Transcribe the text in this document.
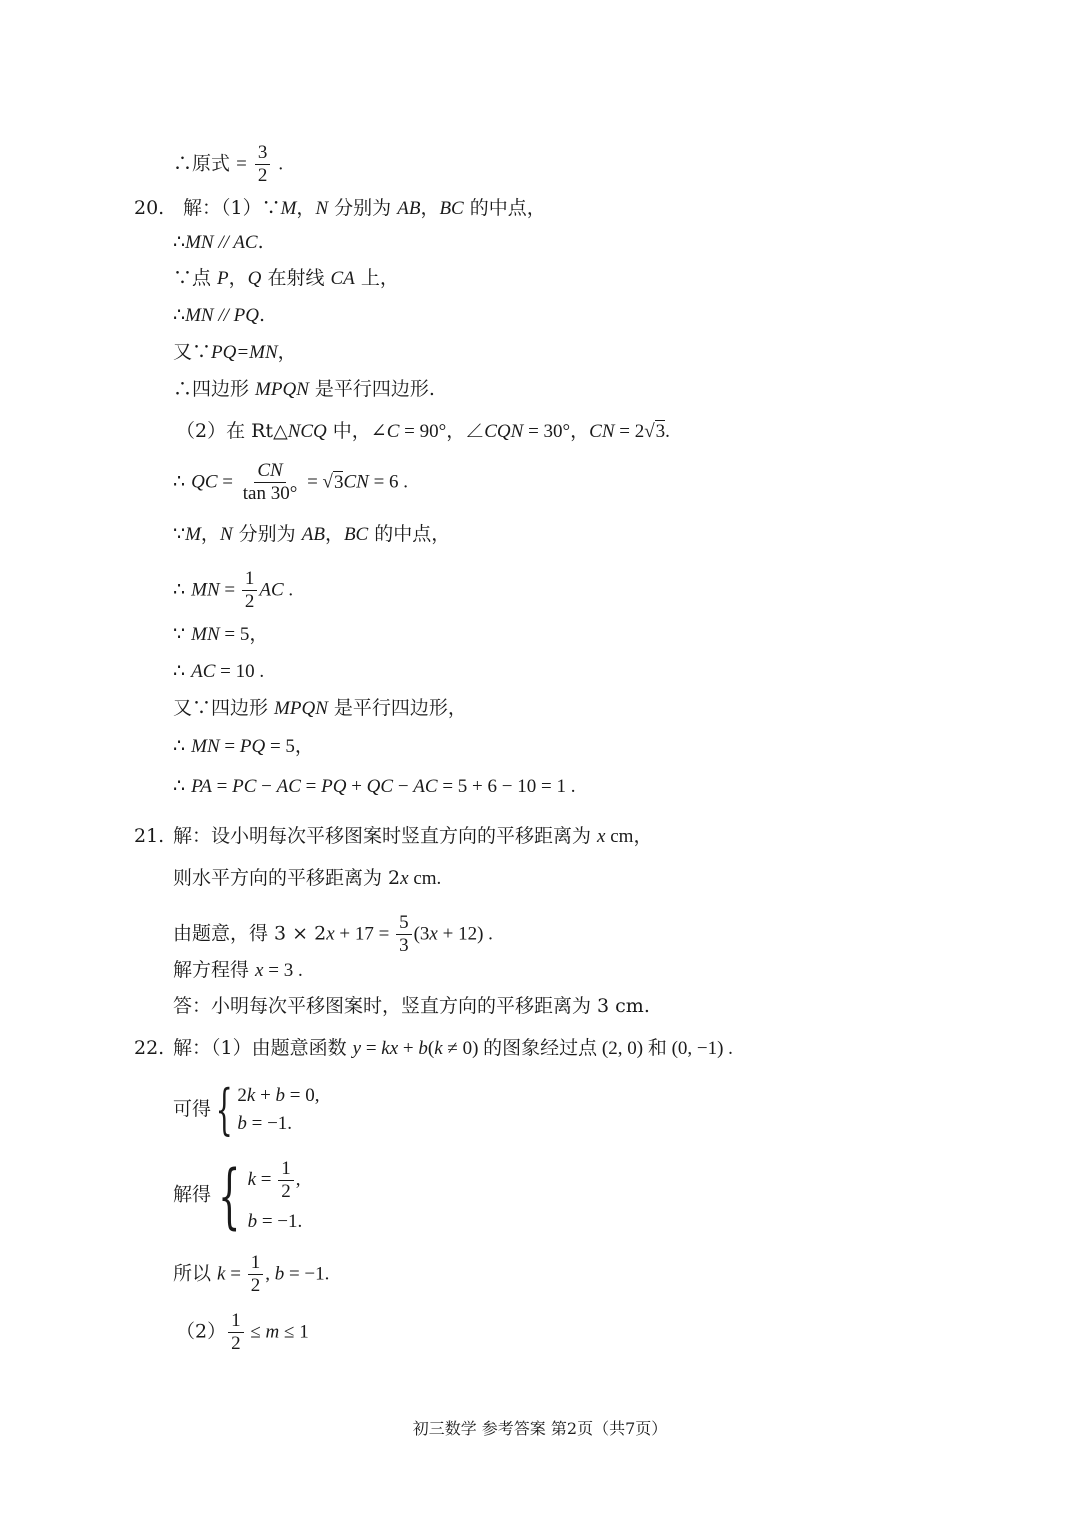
∴原式 = $\frac{3}{2}$ .
20. 解：（1）∵M，N 分别为 AB，BC 的中点，
∴MN // AC.
∵点 P，Q 在射线 CA 上，
∴MN // PQ.
又∵PQ=MN，
∴四边形 MPQN 是平行四边形.
（2）在 Rt△NCQ 中，∠C = 90°，∠CQN = 30°，CN = 2√3.
∴ QC = $\frac{CN}{\tan 30^\circ} = √3CN = 6$ .
∵M，N 分别为 AB，BC 的中点，
∴ MN = $\frac{1}{2}$ AC .
∵ MN = 5，
∴ AC = 10 .
又∵四边形 MPQN 是平行四边形，
∴ MN = PQ = 5，
∴ PA = PC − AC = PQ + QC − AC = 5 + 6 − 10 = 1 .
21. 解：设小明每次平移图案时竖直方向的平移距离为 x cm，
则水平方向的平移距离为 2x cm.
由题意，得 $3 \times 2x + 17 = \frac{5}{3} (3x + 12)$ .
解方程得 x = 3 .
答：小明每次平移图案时，竖直方向的平移距离为 3 cm.
22. 解：（1）由题意函数 y = kx + b(k ≠ 0) 的图象经过点 (2, 0) 和 (0, −1) .
可得{ 2k + b = 0,
b = −1.
解得 { $k = \frac{1}{2}$ ,
b = −1.
所以 $k = \frac{1}{2}$ , b = −1.
$(2) \frac{1}{2} \le m \le 1$
初三数学 参考答案 第2页（共7页）
